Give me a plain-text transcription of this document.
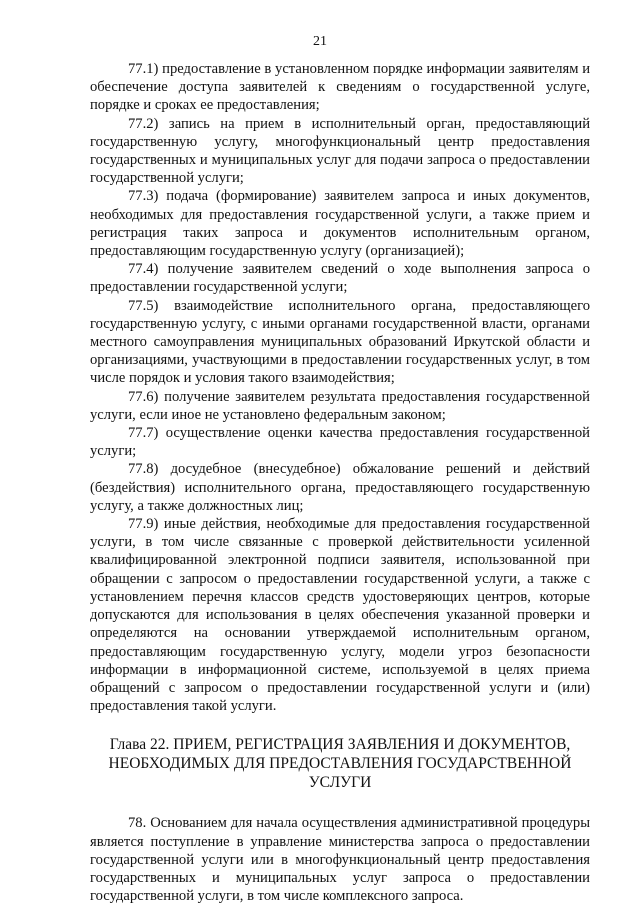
21

77.1) предоставление в установленном порядке информации заявителям и обеспечение доступа заявителей к сведениям о государственной услуге, порядке и сроках ее предоставления;

77.2) запись на прием в исполнительный орган, предоставляющий государственную услугу, многофункциональный центр предоставления государственных и муниципальных услуг для подачи запроса о предоставлении государственной услуги;

77.3) подача (формирование) заявителем запроса и иных документов, необходимых для предоставления государственной услуги, а также прием и регистрация таких запроса и документов исполнительным органом, предоставляющим государственную услугу (организацией);

77.4) получение заявителем сведений о ходе выполнения запроса о предоставлении государственной услуги;

77.5) взаимодействие исполнительного органа, предоставляющего государственную услугу, с иными органами государственной власти, органами местного самоуправления муниципальных образований Иркутской области и организациями, участвующими в предоставлении государственных услуг, в том числе порядок и условия такого взаимодействия;

77.6) получение заявителем результата предоставления государственной услуги, если иное не установлено федеральным законом;

77.7) осуществление оценки качества предоставления государственной услуги;

77.8) досудебное (внесудебное) обжалование решений и действий (бездействия) исполнительного органа, предоставляющего государственную услугу, а также должностных лиц;

77.9) иные действия, необходимые для предоставления государственной услуги, в том числе связанные с проверкой действительности усиленной квалифицированной электронной подписи заявителя, использованной при обращении с запросом о предоставлении государственной услуги, а также с установлением перечня классов средств удостоверяющих центров, которые допускаются для использования в целях обеспечения указанной проверки и определяются на основании утверждаемой исполнительным органом, предоставляющим государственную услугу, модели угроз безопасности информации в информационной системе, используемой в целях приема обращений с запросом о предоставлении государственной услуги и (или) предоставления такой услуги.

Глава 22. ПРИЕМ, РЕГИСТРАЦИЯ ЗАЯВЛЕНИЯ И ДОКУМЕНТОВ, НЕОБХОДИМЫХ ДЛЯ ПРЕДОСТАВЛЕНИЯ ГОСУДАРСТВЕННОЙ УСЛУГИ

78. Основанием для начала осуществления административной процедуры является поступление в управление министерства запроса о предоставлении государственной услуги или в многофункциональный центр предоставления государственных и муниципальных услуг запроса о предоставлении государственной услуги, в том числе комплексного запроса.
